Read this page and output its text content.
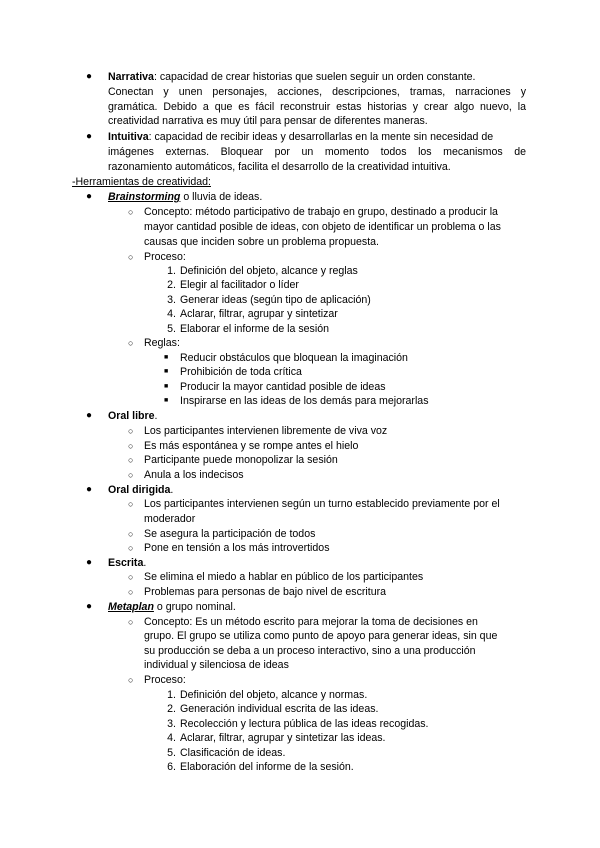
● Narrativa: capacidad de crear historias que suelen seguir un orden constante.
Conectan y unen personajes, acciones, descripciones, tramas, narraciones y
gramática. Debido a que es fácil reconstruir estas historias y crear algo nuevo, la
creatividad narrativa es muy útil para pensar de diferentes maneras.
● Intuitiva: capacidad de recibir ideas y desarrollarlas en la mente sin necesidad de
imágenes externas. Bloquear por un momento todos los mecanismos de
razonamiento automáticos, facilita el desarrollo de la creatividad intuitiva.
-Herramientas de creatividad:
● Brainstorming o lluvia de ideas.
○ Concepto: método participativo de trabajo en grupo, destinado a producir la
mayor cantidad posible de ideas, con objeto de identificar un problema o las
causas que inciden sobre un problema propuesta.
○ Proceso:
1. Definición del objeto, alcance y reglas
2. Elegir al facilitador o líder
3. Generar ideas (según tipo de aplicación)
4. Aclarar, filtrar, agrupar y sintetizar
5. Elaborar el informe de la sesión
○ Reglas:
■ Reducir obstáculos que bloquean la imaginación
■ Prohibición de toda crítica
■ Producir la mayor cantidad posible de ideas
■ Inspirarse en las ideas de los demás para mejorarlas
● Oral libre.
○ Los participantes intervienen libremente de viva voz
○ Es más espontánea y se rompe antes el hielo
○ Participante puede monopolizar la sesión
○ Anula a los indecisos
● Oral dirigida.
○ Los participantes intervienen según un turno establecido previamente por el
moderador
○ Se asegura la participación de todos
○ Pone en tensión a los más introvertidos
● Escrita.
○ Se elimina el miedo a hablar en público de los participantes
○ Problemas para personas de bajo nivel de escritura
● Metaplan o grupo nominal.
○ Concepto: Es un método escrito para mejorar la toma de decisiones en
grupo. El grupo se utiliza como punto de apoyo para generar ideas, sin que
su producción se deba a un proceso interactivo, sino a una producción
individual y silenciosa de ideas
○ Proceso:
1. Definición del objeto, alcance y normas.
2. Generación individual escrita de las ideas.
3. Recolección y lectura pública de las ideas recogidas.
4. Aclarar, filtrar, agrupar y sintetizar las ideas.
5. Clasificación de ideas.
6. Elaboración del informe de la sesión.
